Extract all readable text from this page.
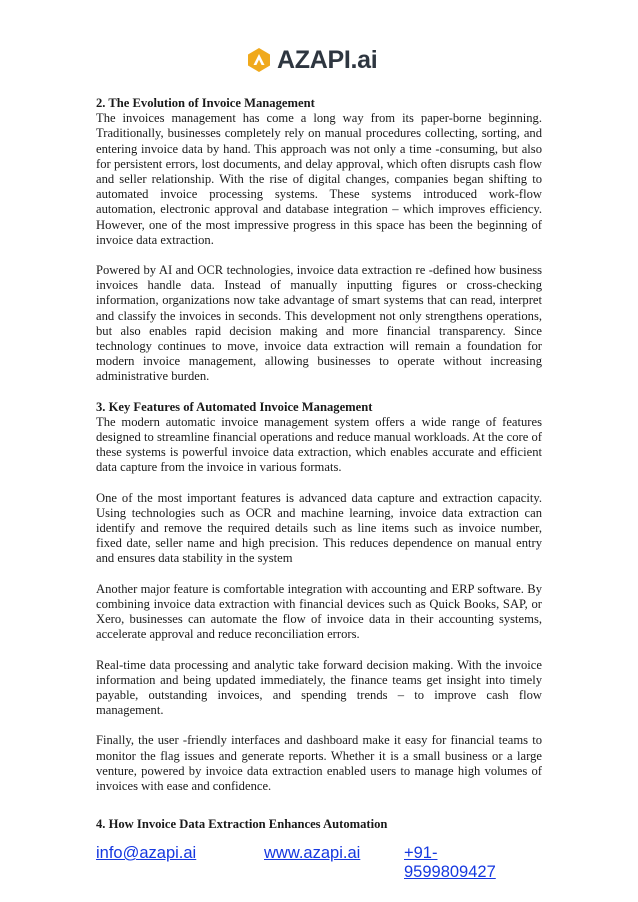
AZAPI.ai
2. The Evolution of Invoice Management

The invoices management has come a long way from its paper-borne beginning. Traditionally, businesses completely rely on manual procedures collecting, sorting, and entering invoice data by hand. This approach was not only a time -consuming, but also for persistent errors, lost documents, and delay approval, which often disrupts cash flow and seller relationship. With the rise of digital changes, companies began shifting to automated invoice processing systems. These systems introduced work-flow automation, electronic approval and database integration – which improves efficiency. However, one of the most impressive progress in this space has been the beginning of invoice data extraction.

Powered by AI and OCR technologies, invoice data extraction re -defined how business invoices handle data. Instead of manually inputting figures or cross-checking information, organizations now take advantage of smart systems that can read, interpret and classify the invoices in seconds. This development not only strengthens operations, but also enables rapid decision making and more financial transparency. Since technology continues to move, invoice data extraction will remain a foundation for modern invoice management, allowing businesses to operate without increasing administrative burden.

3. Key Features of Automated Invoice Management

The modern automatic invoice management system offers a wide range of features designed to streamline financial operations and reduce manual workloads. At the core of these systems is powerful invoice data extraction, which enables accurate and efficient data capture from the invoice in various formats.

One of the most important features is advanced data capture and extraction capacity. Using technologies such as OCR and machine learning, invoice data extraction can identify and remove the required details such as line items such as invoice number, fixed date, seller name and high precision. This reduces dependence on manual entry and ensures data stability in the system

Another major feature is comfortable integration with accounting and ERP software. By combining invoice data extraction with financial devices such as Quick Books, SAP, or Xero, businesses can automate the flow of invoice data in their accounting systems, accelerate approval and reduce reconciliation errors.

Real-time data processing and analytic take forward decision making. With the invoice information and being updated immediately, the finance teams get insight into timely payable, outstanding invoices, and spending trends – to improve cash flow management.

Finally, the user -friendly interfaces and dashboard make it easy for financial teams to monitor the flag issues and generate reports. Whether it is a small business or a large venture, powered by invoice data extraction enabled users to manage high volumes of invoices with ease and confidence.

4. How Invoice Data Extraction Enhances Automation
info@azapi.ai	www.azapi.ai	+91-9599809427
